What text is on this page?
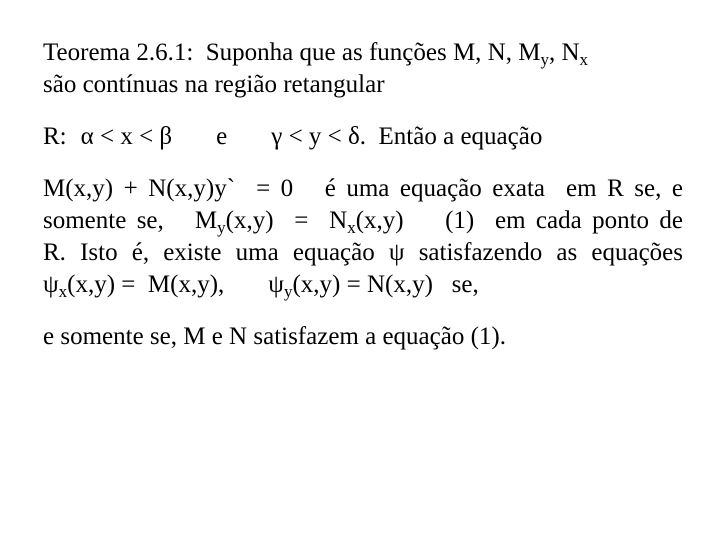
Teorema 2.6.1:  Suponha que as funções M, N, $M_y$, $N_x$
são contínuas na região retangular
R: α < x < β e γ < y < δ.  Então a equação
M(x,y) + N(x,y)y`  = 0   é uma equação exata  em R se, e
somente se,   $M_y(x,y) = N_x(x,y)$    (1)  em cada ponto de
R. Isto é, existe uma equação ψ satisfazendo as equações
$\psi_x(x,y) = M(x,y)$, $\psi_y(x,y) = N(x,y)$   se,
e somente se, M e N satisfazem a equação (1).
